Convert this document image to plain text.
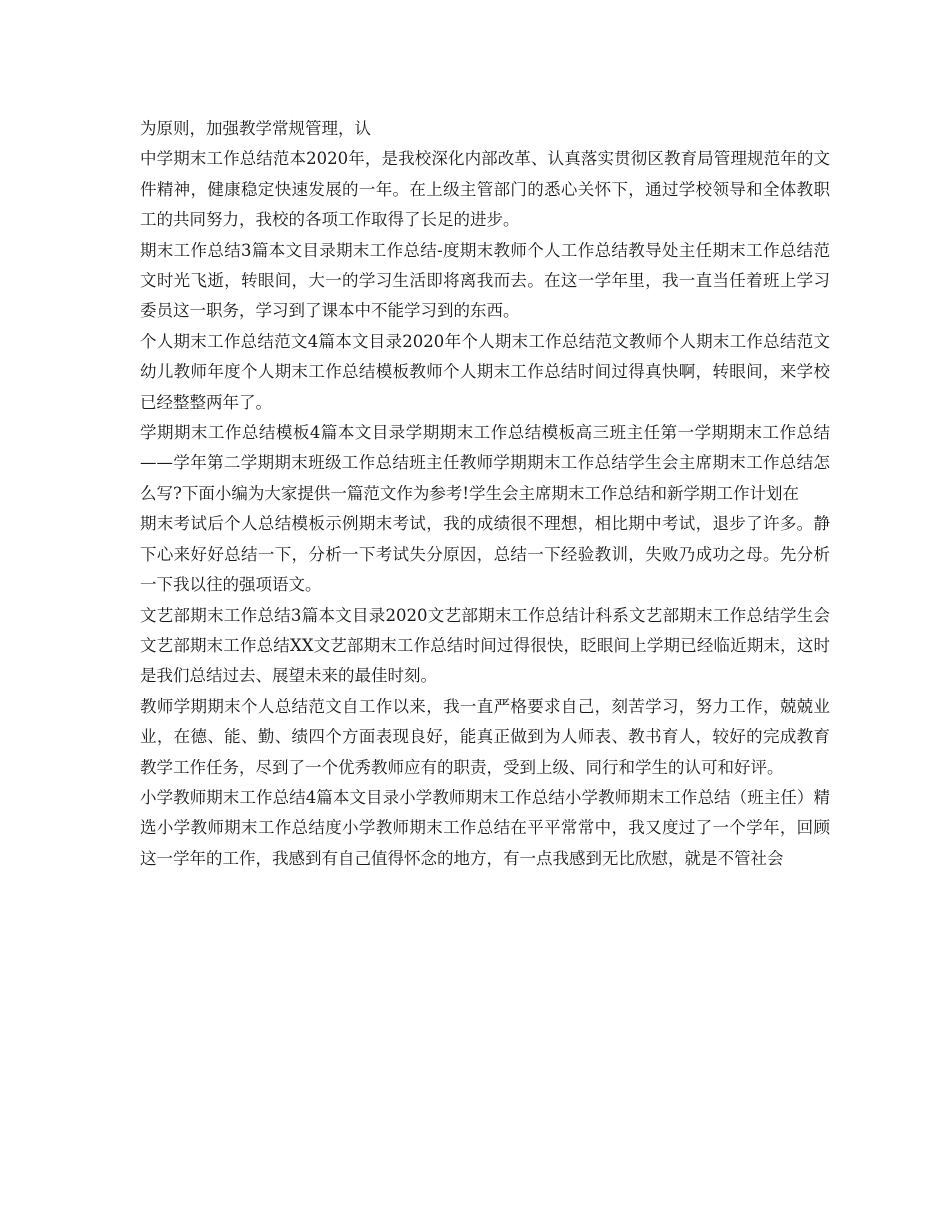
为原则，加强教学常规管理，认

中学期末工作总结范本2020年，是我校深化内部改革、认真落实贯彻区教育局管理规范年的文件精神，健康稳定快速发展的一年。在上级主管部门的悉心关怀下，通过学校领导和全体教职工的共同努力，我校的各项工作取得了长足的进步。

期末工作总结3篇本文目录期末工作总结-度期末教师个人工作总结教导处主任期末工作总结范文时光飞逝，转眼间，大一的学习生活即将离我而去。在这一学年里，我一直当任着班上学习委员这一职务，学习到了课本中不能学习到的东西。

个人期末工作总结范文4篇本文目录2020年个人期末工作总结范文教师个人期末工作总结范文幼儿教师年度个人期末工作总结模板教师个人期末工作总结时间过得真快啊，转眼间，来学校已经整整两年了。

学期期末工作总结模板4篇本文目录学期期末工作总结模板高三班主任第一学期期末工作总结——学年第二学期期末班级工作总结班主任教师学期期末工作总结学生会主席期末工作总结怎么写?下面小编为大家提供一篇范文作为参考!学生会主席期末工作总结和新学期工作计划在

期末考试后个人总结模板示例期末考试，我的成绩很不理想，相比期中考试，退步了许多。静下心来好好总结一下，分析一下考试失分原因，总结一下经验教训，失败乃成功之母。先分析一下我以往的强项语文。

文艺部期末工作总结3篇本文目录2020文艺部期末工作总结计科系文艺部期末工作总结学生会文艺部期末工作总结XX文艺部期末工作总结时间过得很快，眨眼间上学期已经临近期末，这时是我们总结过去、展望未来的最佳时刻。

教师学期期末个人总结范文自工作以来，我一直严格要求自己，刻苦学习，努力工作，兢兢业业，在德、能、勤、绩四个方面表现良好，能真正做到为人师表、教书育人，较好的完成教育教学工作任务，尽到了一个优秀教师应有的职责，受到上级、同行和学生的认可和好评。

小学教师期末工作总结4篇本文目录小学教师期末工作总结小学教师期末工作总结（班主任）精选小学教师期末工作总结度小学教师期末工作总结在平平常常中，我又度过了一个学年，回顾这一学年的工作，我感到有自己值得怀念的地方，有一点我感到无比欣慰，就是不管社会
